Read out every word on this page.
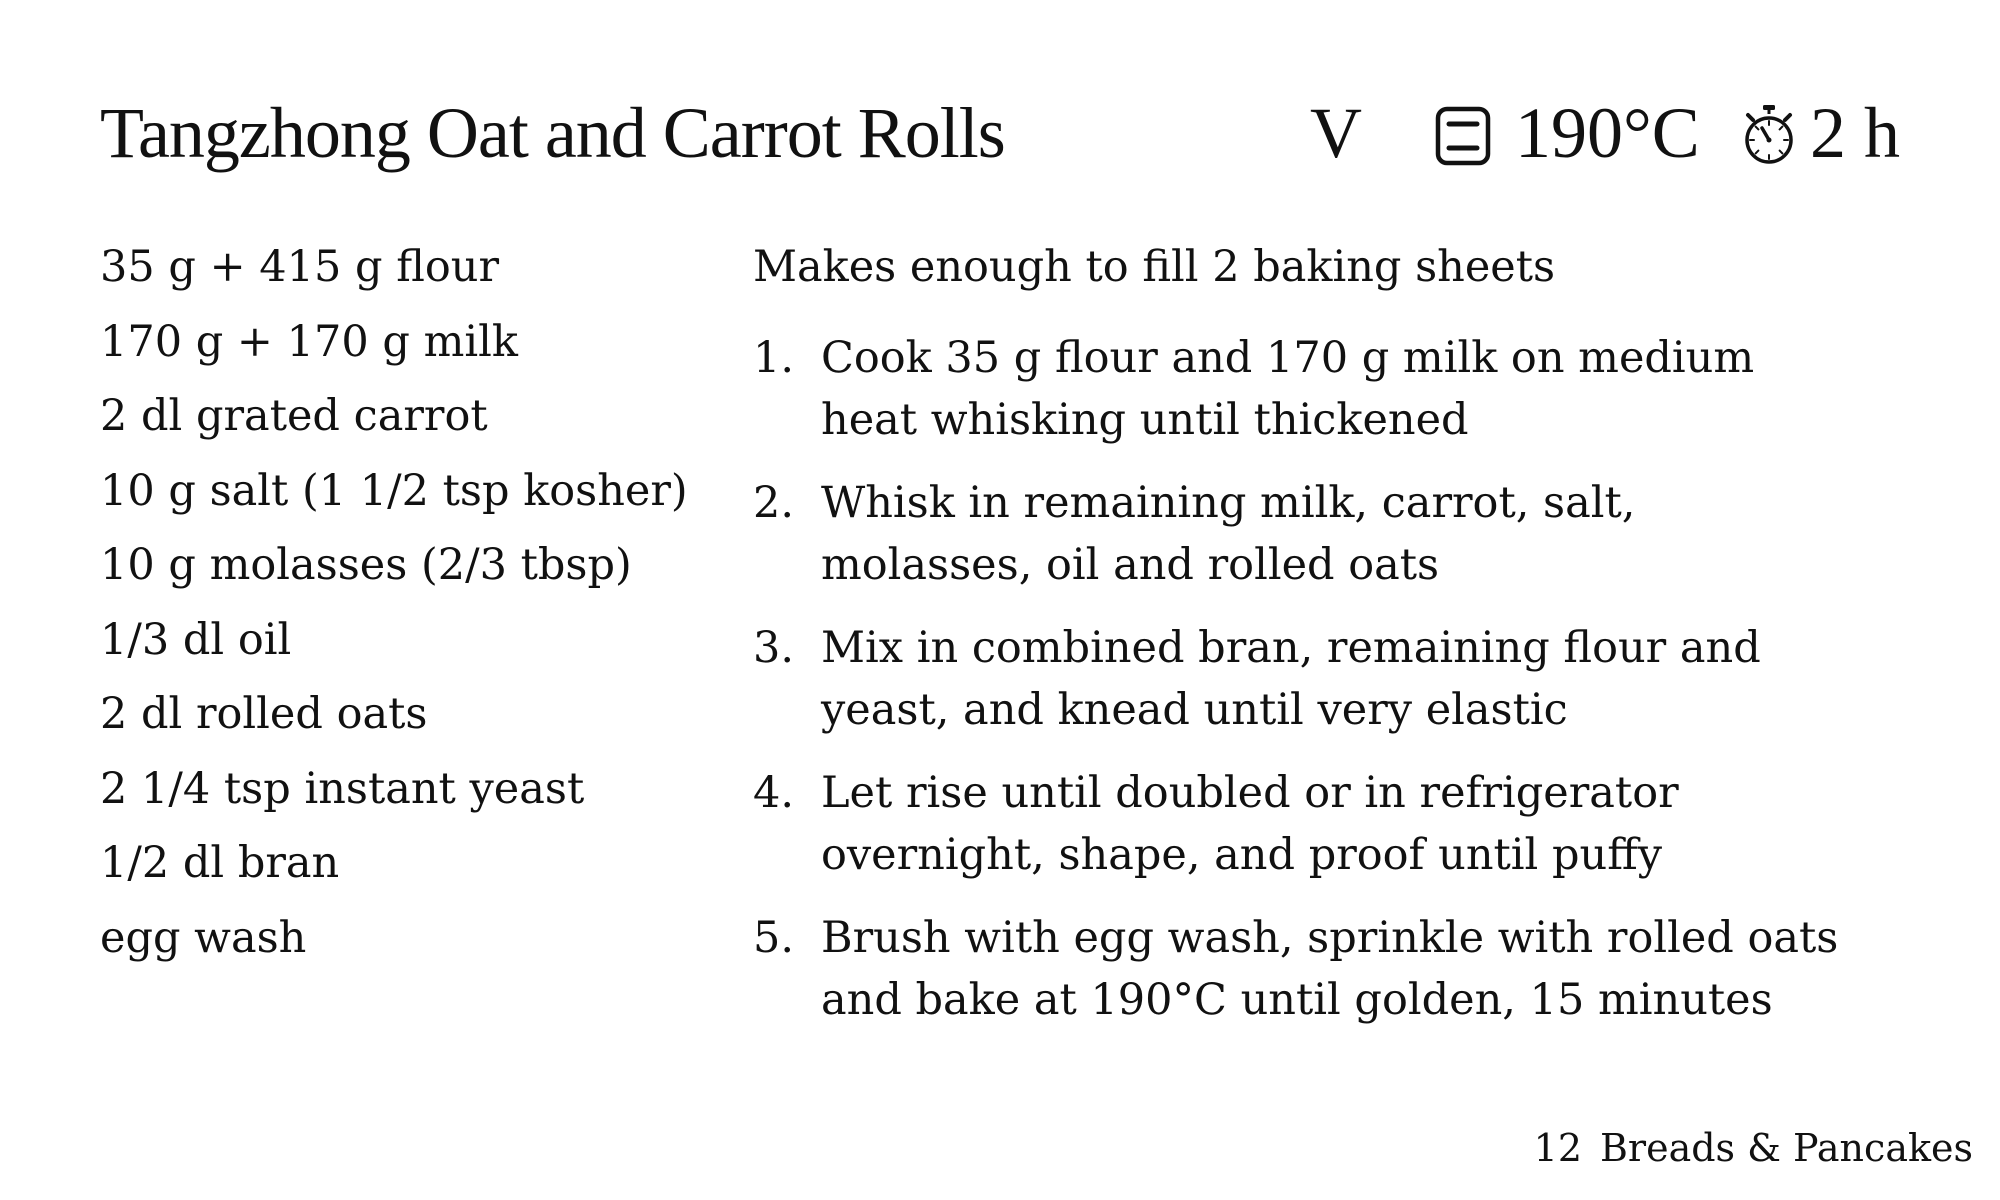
Tangzhong Oat and Carrot Rolls	V 190°C 2 h
35 g + 415 g flour
170 g + 170 g milk
2 dl grated carrot
10 g salt (1 1/2 tsp kosher)
10 g molasses (2/3 tbsp)
1/3 dl oil
2 dl rolled oats
2 1/4 tsp instant yeast
1/2 dl bran
egg wash

Makes enough to fill 2 baking sheets

1. Cook 35 g flour and 170 g milk on medium
heat whisking until thickened
2. Whisk in remaining milk, carrot, salt,
molasses, oil and rolled oats
3. Mix in combined bran, remaining flour and
yeast, and knead until very elastic
4. Let rise until doubled or in refrigerator
overnight, shape, and proof until puffy
5. Brush with egg wash, sprinkle with rolled oats
and bake at 190°C until golden, 15 minutes
12 Breads & Pancakes
